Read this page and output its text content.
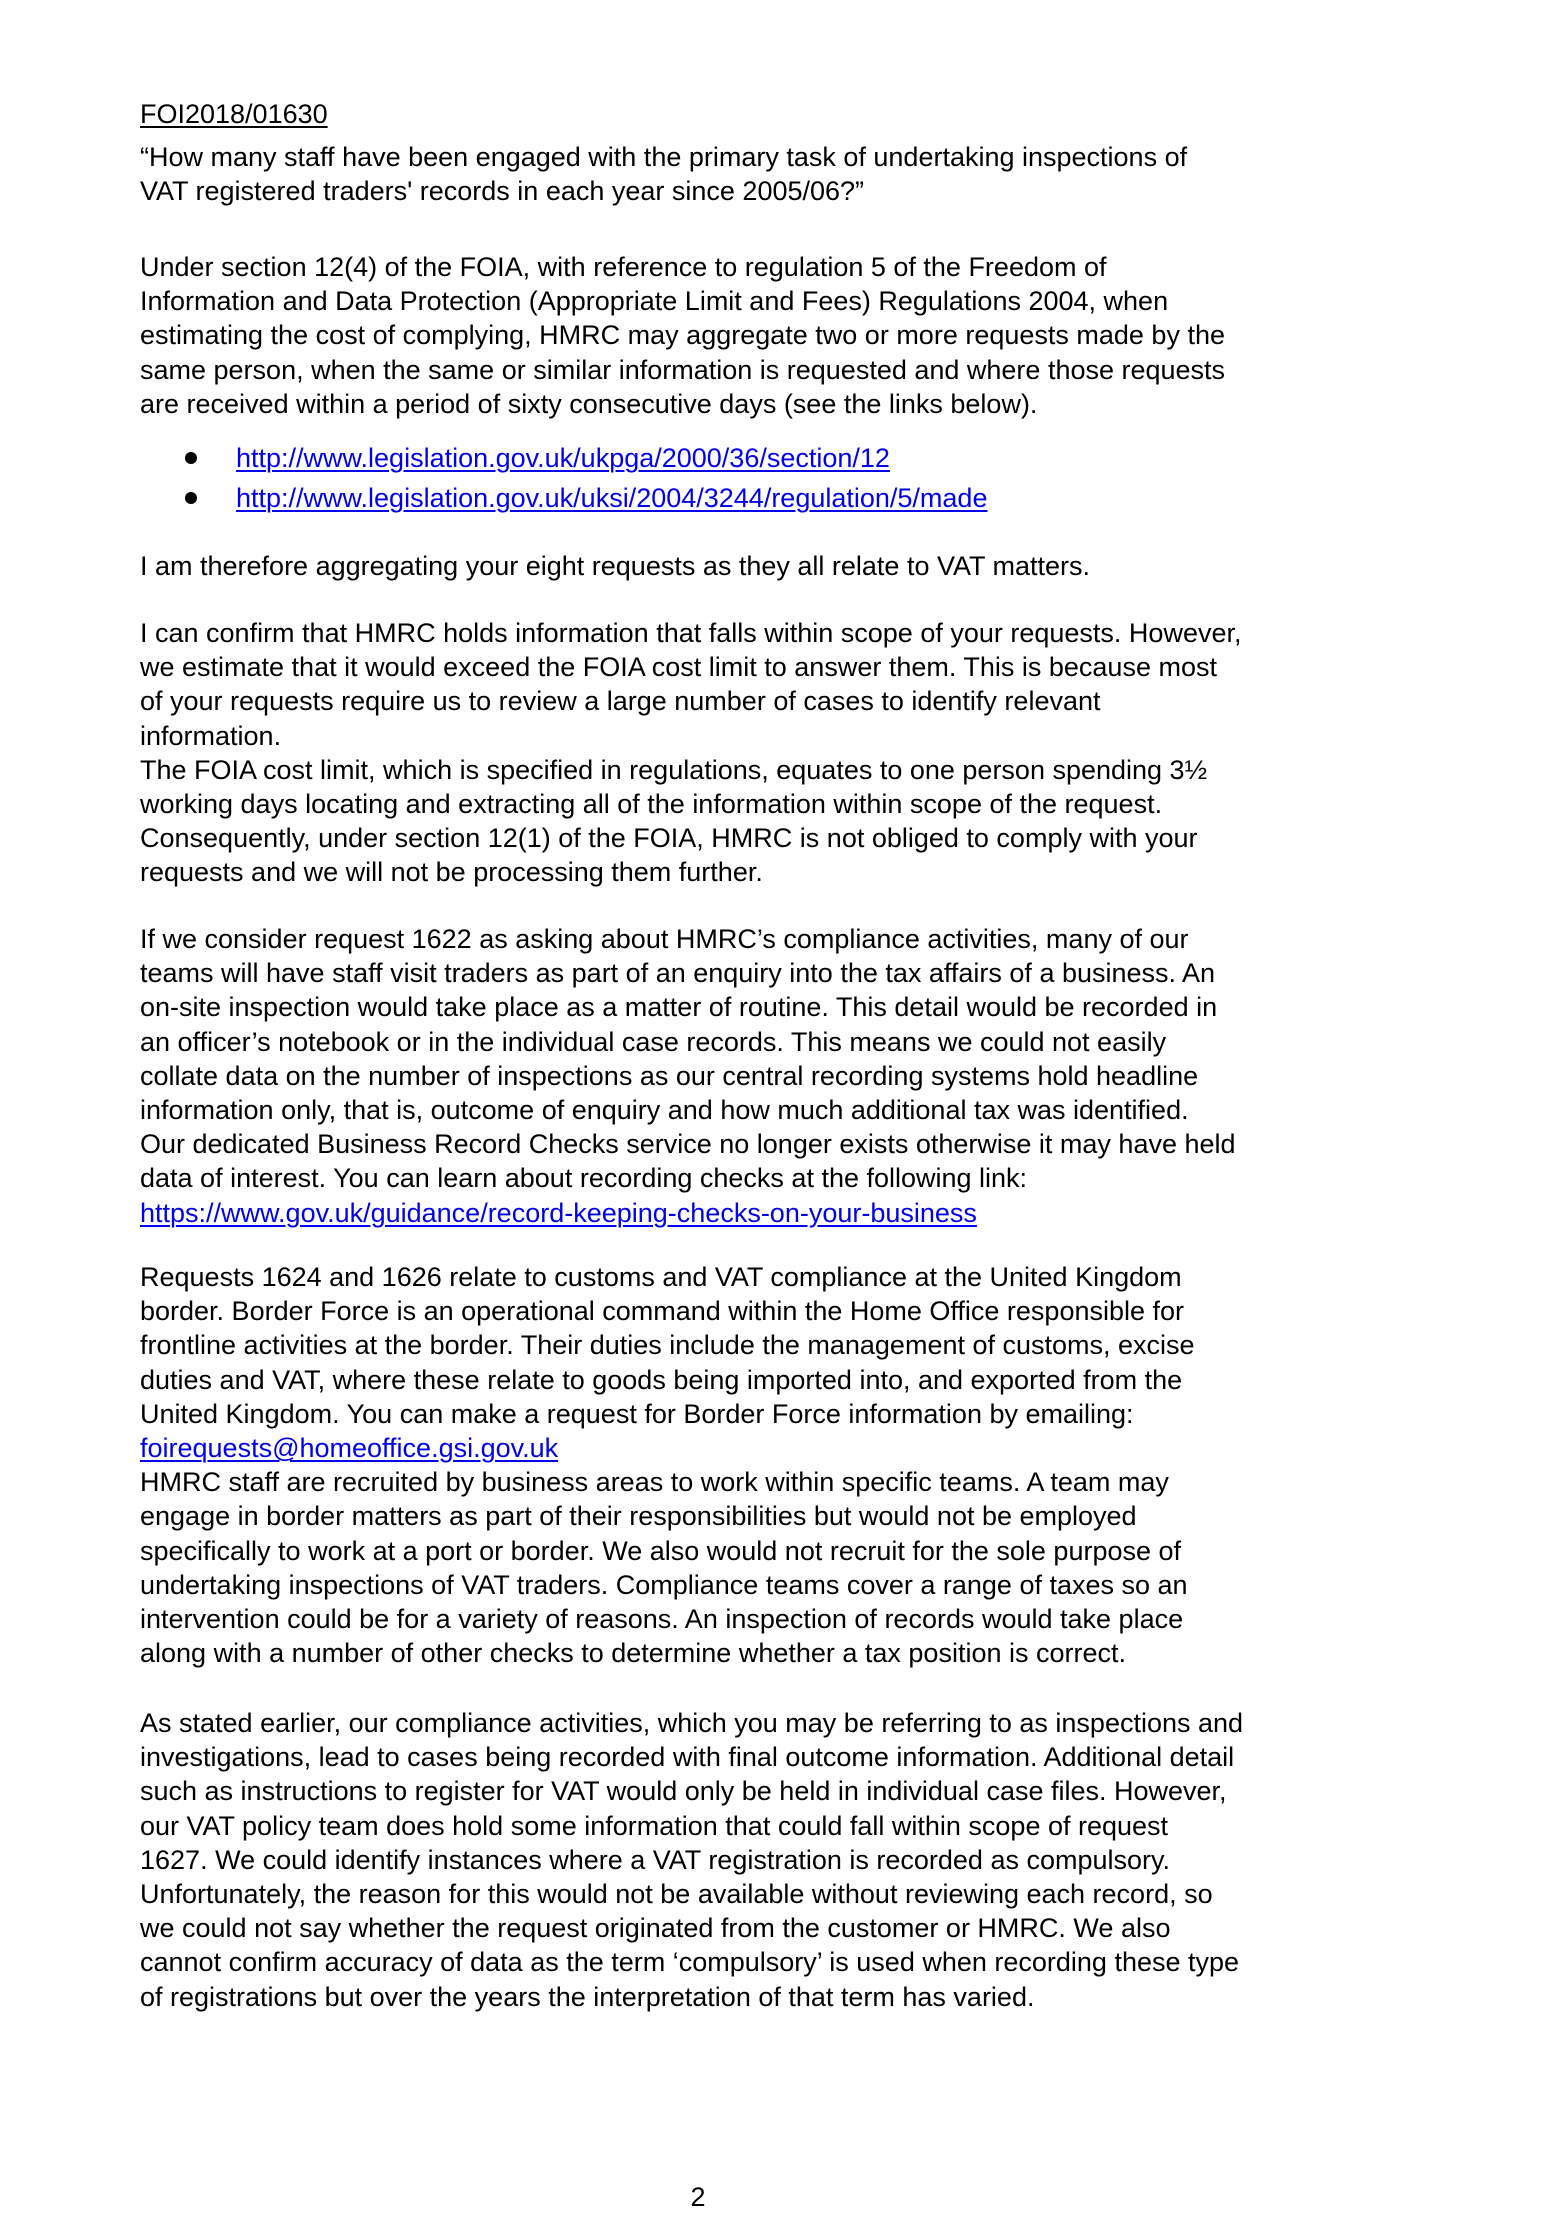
FOI2018/01630
“How many staff have been engaged with the primary task of undertaking inspections of
VAT registered traders' records in each year since 2005/06?”
Under section 12(4) of the FOIA, with reference to regulation 5 of the Freedom of
Information and Data Protection (Appropriate Limit and Fees) Regulations 2004, when
estimating the cost of complying, HMRC may aggregate two or more requests made by the
same person, when the same or similar information is requested and where those requests
are received within a period of sixty consecutive days (see the links below).
http://www.legislation.gov.uk/ukpga/2000/36/section/12
http://www.legislation.gov.uk/uksi/2004/3244/regulation/5/made
I am therefore aggregating your eight requests as they all relate to VAT matters.
I can confirm that HMRC holds information that falls within scope of your requests. However,
we estimate that it would exceed the FOIA cost limit to answer them. This is because most
of your requests require us to review a large number of cases to identify relevant
information.
The FOIA cost limit, which is specified in regulations, equates to one person spending 3½
working days locating and extracting all of the information within scope of the request.
Consequently, under section 12(1) of the FOIA, HMRC is not obliged to comply with your
requests and we will not be processing them further.
If we consider request 1622 as asking about HMRC’s compliance activities, many of our
teams will have staff visit traders as part of an enquiry into the tax affairs of a business. An
on-site inspection would take place as a matter of routine. This detail would be recorded in
an officer’s notebook or in the individual case records. This means we could not easily
collate data on the number of inspections as our central recording systems hold headline
information only, that is, outcome of enquiry and how much additional tax was identified.
Our dedicated Business Record Checks service no longer exists otherwise it may have held
data of interest. You can learn about recording checks at the following link:
https://www.gov.uk/guidance/record-keeping-checks-on-your-business
Requests 1624 and 1626 relate to customs and VAT compliance at the United Kingdom
border. Border Force is an operational command within the Home Office responsible for
frontline activities at the border. Their duties include the management of customs, excise
duties and VAT, where these relate to goods being imported into, and exported from the
United Kingdom. You can make a request for Border Force information by emailing:
foirequests@homeoffice.gsi.gov.uk
HMRC staff are recruited by business areas to work within specific teams. A team may
engage in border matters as part of their responsibilities but would not be employed
specifically to work at a port or border. We also would not recruit for the sole purpose of
undertaking inspections of VAT traders. Compliance teams cover a range of taxes so an
intervention could be for a variety of reasons. An inspection of records would take place
along with a number of other checks to determine whether a tax position is correct.
As stated earlier, our compliance activities, which you may be referring to as inspections and
investigations, lead to cases being recorded with final outcome information. Additional detail
such as instructions to register for VAT would only be held in individual case files. However,
our VAT policy team does hold some information that could fall within scope of request
1627. We could identify instances where a VAT registration is recorded as compulsory.
Unfortunately, the reason for this would not be available without reviewing each record, so
we could not say whether the request originated from the customer or HMRC. We also
cannot confirm accuracy of data as the term ‘compulsory’ is used when recording these type
of registrations but over the years the interpretation of that term has varied.
2
